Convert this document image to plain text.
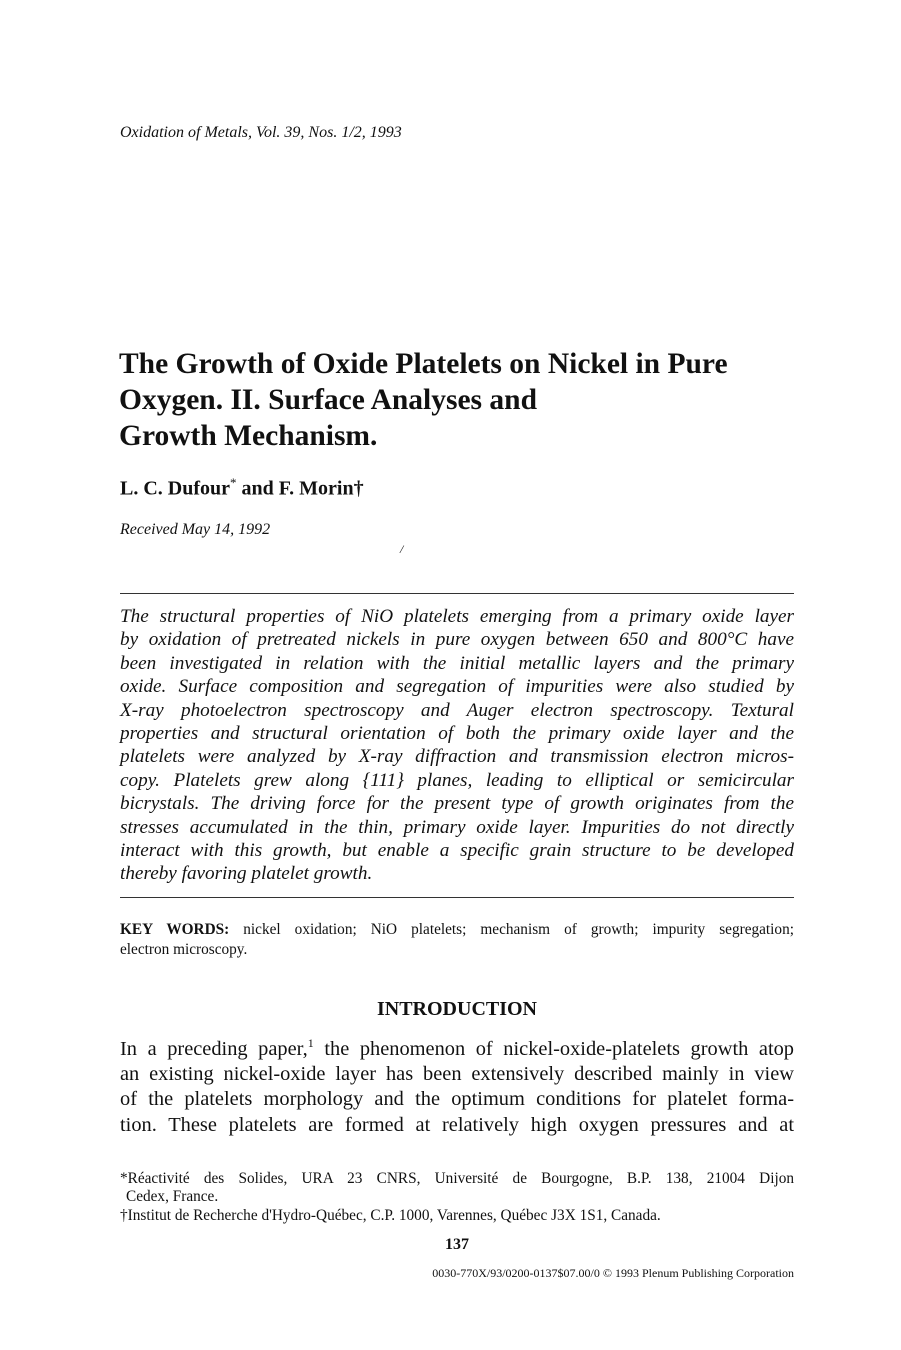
Oxidation of Metals, Vol. 39, Nos. 1/2, 1993
The Growth of Oxide Platelets on Nickel in Pure
Oxygen. II. Surface Analyses and
Growth Mechanism.
L. C. Dufour* and F. Morin†
Received May 14, 1992
/
The structural properties of NiO platelets emerging from a primary oxide layer
by oxidation of pretreated nickels in pure oxygen between 650 and 800°C have
been investigated in relation with the initial metallic layers and the primary
oxide. Surface composition and segregation of impurities were also studied by
X-ray photoelectron spectroscopy and Auger electron spectroscopy. Textural
properties and structural orientation of both the primary oxide layer and the
platelets were analyzed by X-ray diffraction and transmission electron micros-
copy. Platelets grew along {111} planes, leading to elliptical or semicircular
bicrystals. The driving force for the present type of growth originates from the
stresses accumulated in the thin, primary oxide layer. Impurities do not directly
interact with this growth, but enable a specific grain structure to be developed
thereby favoring platelet growth.
KEY WORDS: nickel oxidation; NiO platelets; mechanism of growth; impurity segregation;
electron microscopy.
INTRODUCTION
In a preceding paper,$^1$ the phenomenon of nickel-oxide-platelets growth atop
an existing nickel-oxide layer has been extensively described mainly in view
of the platelets morphology and the optimum conditions for platelet forma-
tion. These platelets are formed at relatively high oxygen pressures and at
*Réactivité des Solides, URA 23 CNRS, Université de Bourgogne, B.P. 138, 21004 Dijon
Cedex, France.
†Institut de Recherche d'Hydro-Québec, C.P. 1000, Varennes, Québec J3X 1S1, Canada.
137
0030-770X/93/0200-0137$07.00/0 © 1993 Plenum Publishing Corporation
